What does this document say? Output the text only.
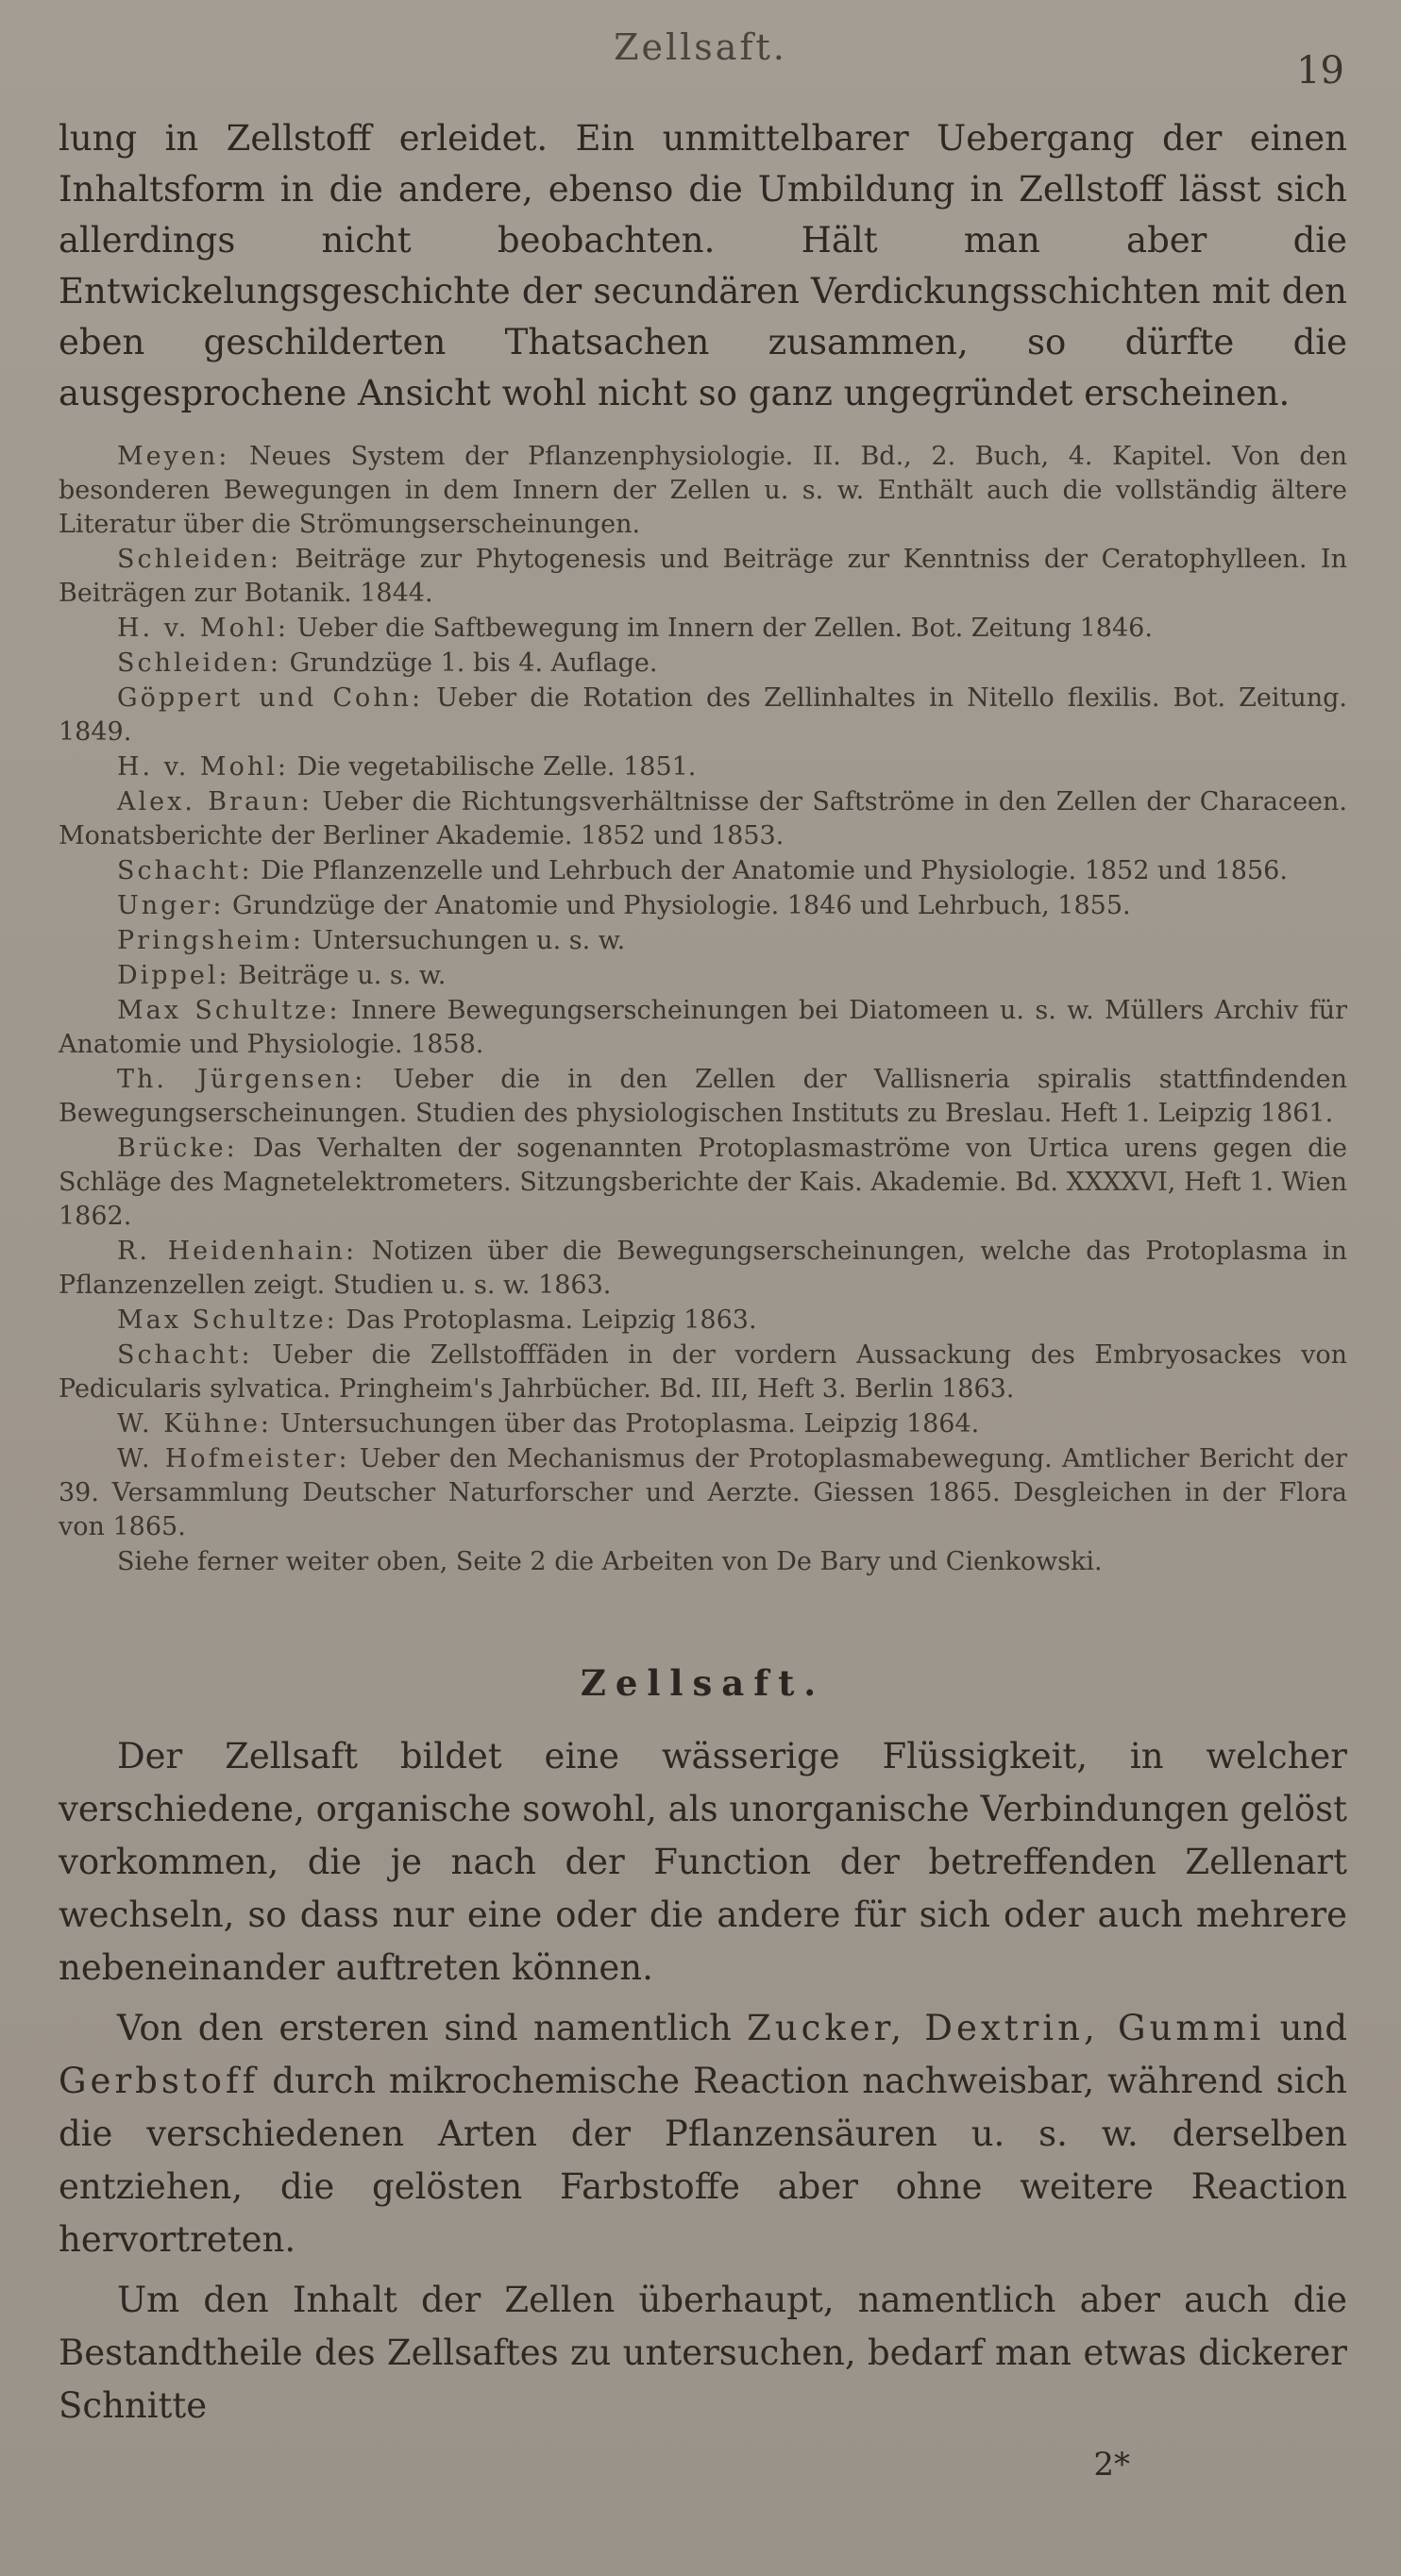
Zellsaft.
19

lung in Zellstoff erleidet. Ein unmittelbarer Uebergang der einen Inhaltsform in die andere, ebenso die Umbildung in Zellstoff lässt sich allerdings nicht beobachten. Hält man aber die Entwickelungsgeschichte der secundären Verdickungsschichten mit den eben geschilderten Thatsachen zusammen, so dürfte die ausgesprochene Ansicht wohl nicht so ganz ungegründet erscheinen.

Meyen: Neues System der Pflanzenphysiologie. II. Bd., 2. Buch, 4. Kapitel. Von den besonderen Bewegungen in dem Innern der Zellen u. s. w. Enthält auch die vollständig ältere Literatur über die Strömungserscheinungen.

Schleiden: Beiträge zur Phytogenesis und Beiträge zur Kenntniss der Ceratophylleen. In Beiträgen zur Botanik. 1844.

H. v. Mohl: Ueber die Saftbewegung im Innern der Zellen. Bot. Zeitung 1846.

Schleiden: Grundzüge 1. bis 4. Auflage.

Göppert und Cohn: Ueber die Rotation des Zellinhaltes in Nitello flexilis. Bot. Zeitung. 1849.

H. v. Mohl: Die vegetabilische Zelle. 1851.

Alex. Braun: Ueber die Richtungsverhältnisse der Saftströme in den Zellen der Characeen. Monatsberichte der Berliner Akademie. 1852 und 1853.

Schacht: Die Pflanzenzelle und Lehrbuch der Anatomie und Physiologie. 1852 und 1856.

Unger: Grundzüge der Anatomie und Physiologie. 1846 und Lehrbuch, 1855.

Pringsheim: Untersuchungen u. s. w.

Dippel: Beiträge u. s. w.

Max Schultze: Innere Bewegungserscheinungen bei Diatomeen u. s. w. Müllers Archiv für Anatomie und Physiologie. 1858.

Th. Jürgensen: Ueber die in den Zellen der Vallisneria spiralis stattfindenden Bewegungserscheinungen. Studien des physiologischen Instituts zu Breslau. Heft 1. Leipzig 1861.

Brücke: Das Verhalten der sogenannten Protoplasmaströme von Urtica urens gegen die Schläge des Magnetelektrometers. Sitzungsberichte der Kais. Akademie. Bd. XXXXVI, Heft 1. Wien 1862.

R. Heidenhain: Notizen über die Bewegungserscheinungen, welche das Protoplasma in Pflanzenzellen zeigt. Studien u. s. w. 1863.

Max Schultze: Das Protoplasma. Leipzig 1863.

Schacht: Ueber die Zellstofffäden in der vordern Aussackung des Embryosackes von Pedicularis sylvatica. Pringheim's Jahrbücher. Bd. III, Heft 3. Berlin 1863.

W. Kühne: Untersuchungen über das Protoplasma. Leipzig 1864.

W. Hofmeister: Ueber den Mechanismus der Protoplasmabewegung. Amtlicher Bericht der 39. Versammlung Deutscher Naturforscher und Aerzte. Giessen 1865. Desgleichen in der Flora von 1865.

Siehe ferner weiter oben, Seite 2 die Arbeiten von De Bary und Cienkowski.

Zellsaft.

Der Zellsaft bildet eine wässerige Flüssigkeit, in welcher verschiedene, organische sowohl, als unorganische Verbindungen gelöst vorkommen, die je nach der Function der betreffenden Zellenart wechseln, so dass nur eine oder die andere für sich oder auch mehrere nebeneinander auftreten können.

Von den ersteren sind namentlich Zucker, Dextrin, Gummi und Gerbstoff durch mikrochemische Reaction nachweisbar, während sich die verschiedenen Arten der Pflanzensäuren u. s. w. derselben entziehen, die gelösten Farbstoffe aber ohne weitere Reaction hervortreten.

Um den Inhalt der Zellen überhaupt, namentlich aber auch die Bestandtheile des Zellsaftes zu untersuchen, bedarf man etwas dickerer Schnitte

2*
